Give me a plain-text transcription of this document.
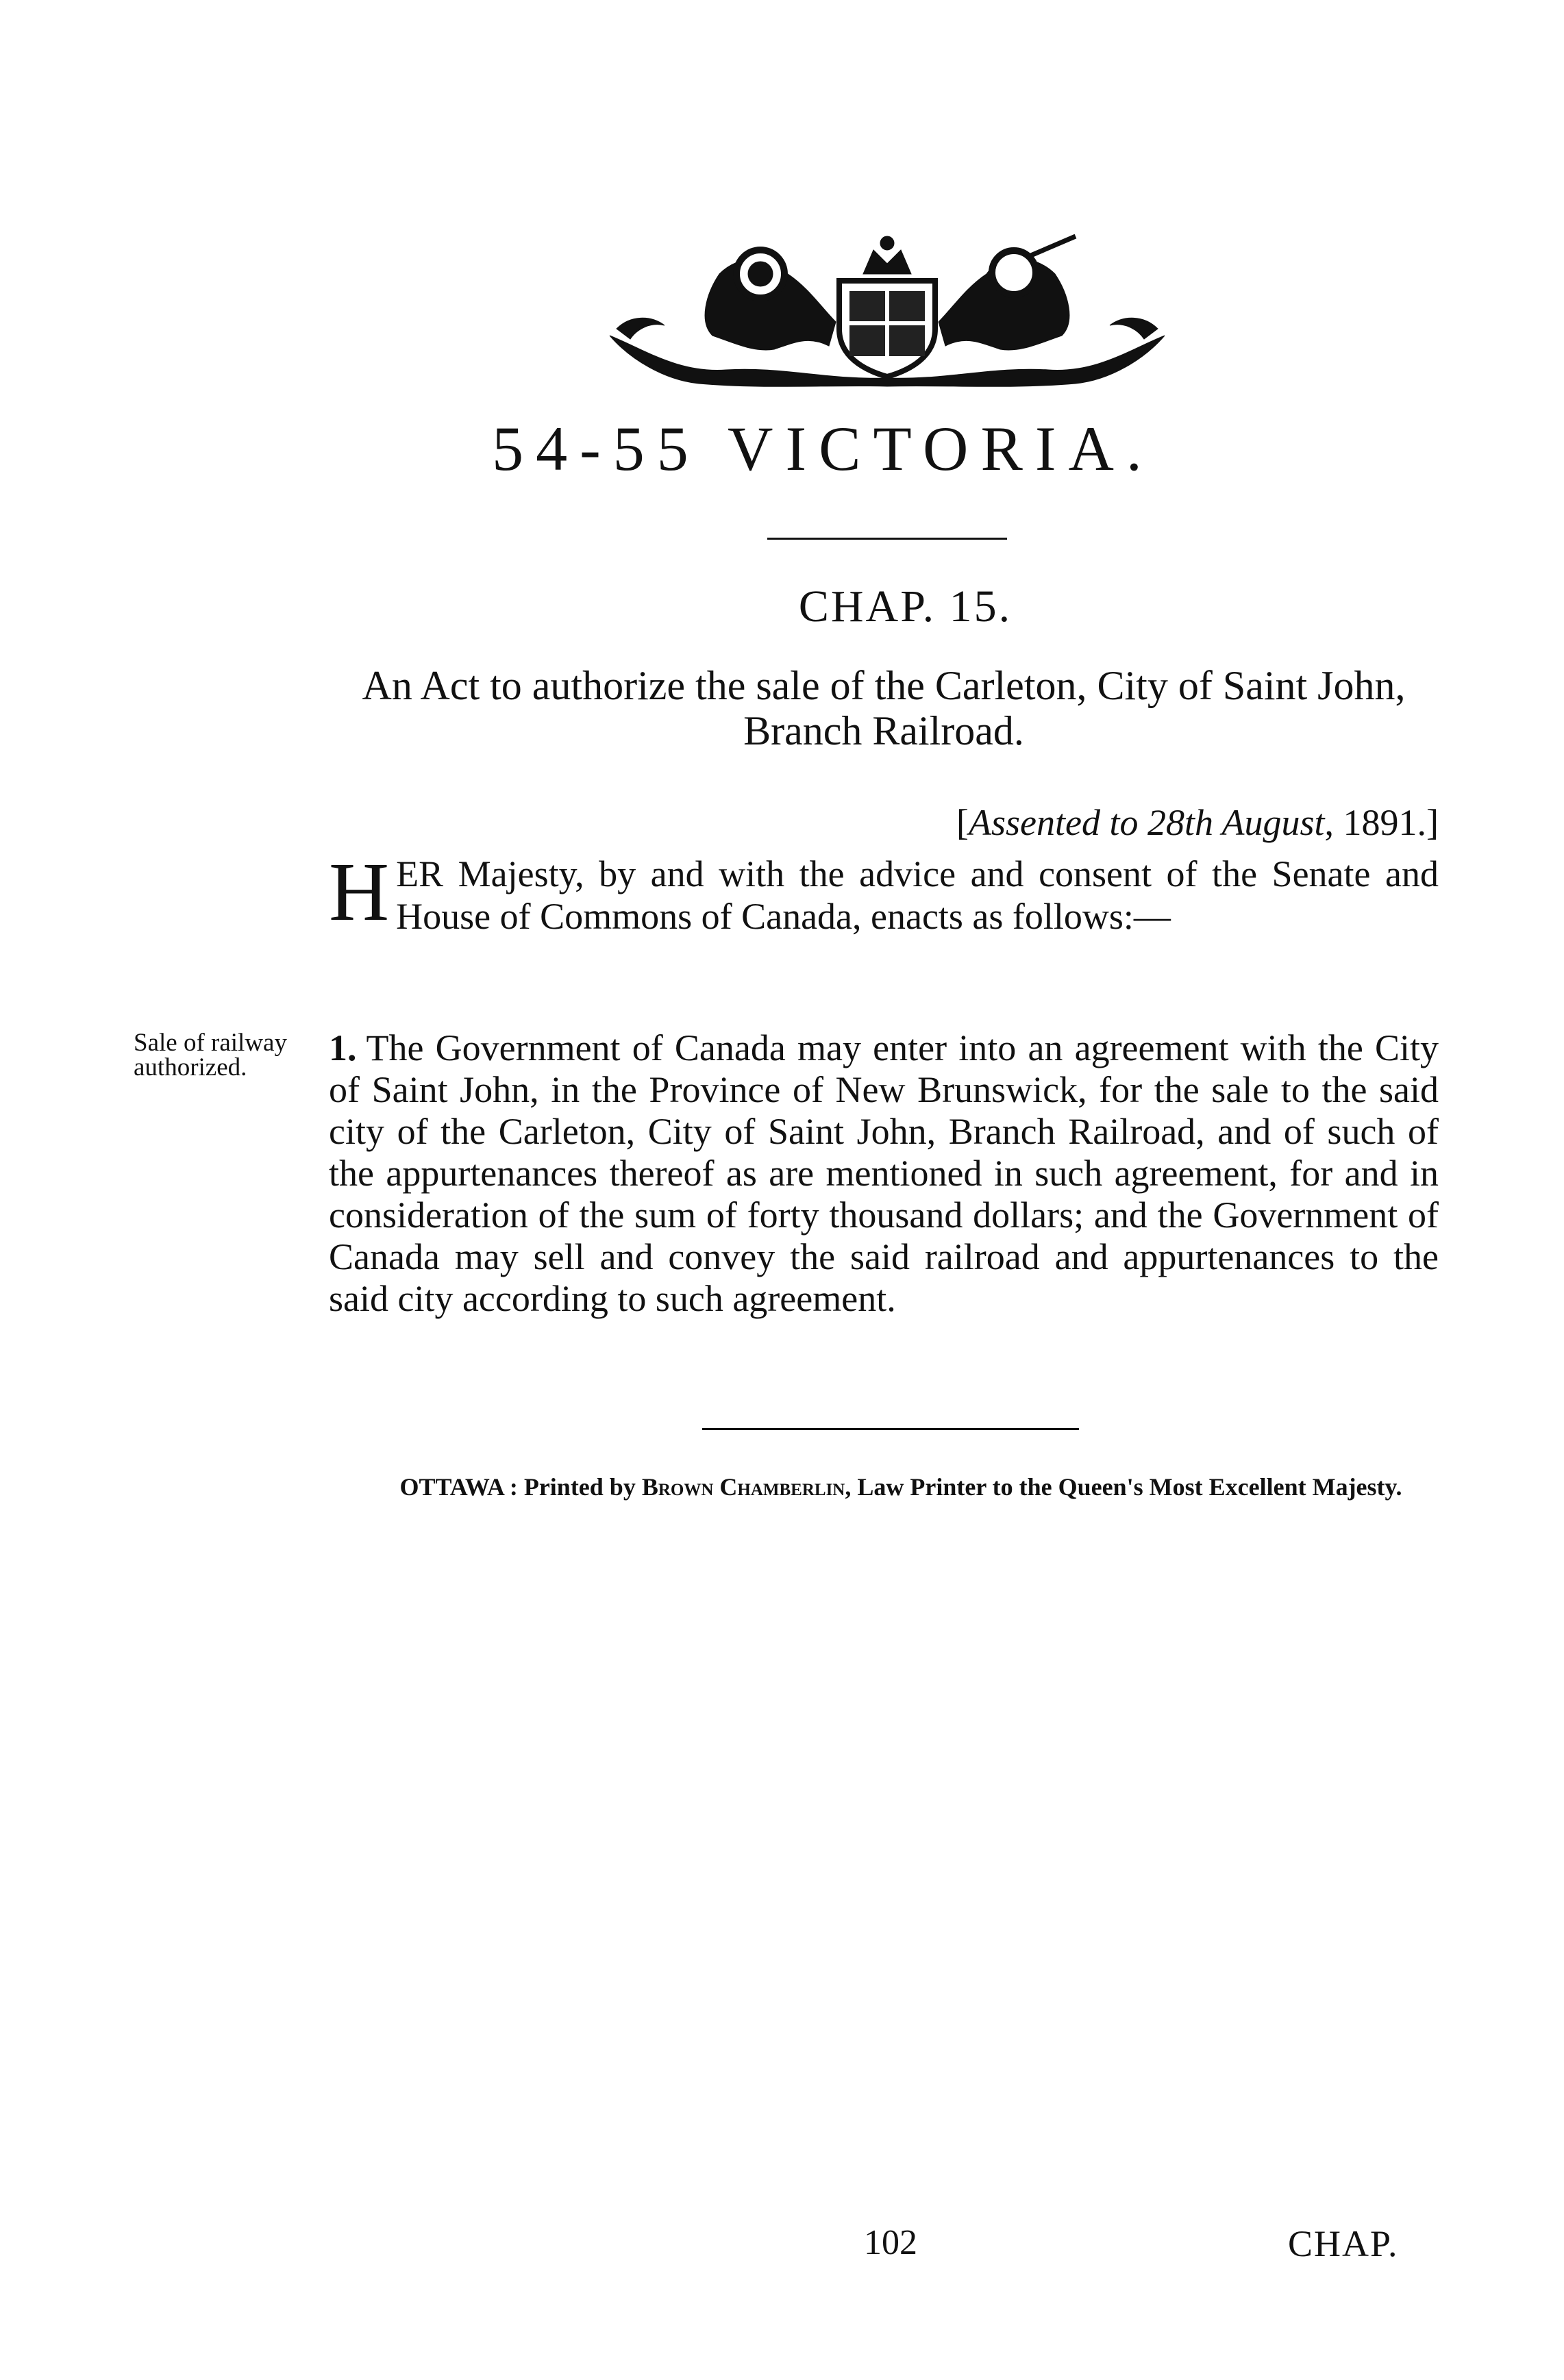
54-55 VICTORIA.
CHAP. 15.
An Act to authorize the sale of the Carleton, City of Saint John, Branch Railroad.
[Assented to 28th August, 1891.]
HER Majesty, by and with the advice and consent of the Senate and House of Commons of Canada, enacts as follows:—
Sale of railway authorized.	1. The Government of Canada may enter into an agreement with the City of Saint John, in the Province of New Brunswick, for the sale to the said city of the Carleton, City of Saint John, Branch Railroad, and of such of the appurtenances thereof as are mentioned in such agreement, for and in consideration of the sum of forty thousand dollars; and the Government of Canada may sell and convey the said railroad and appurtenances to the said city according to such agreement.
OTTAWA : Printed by Brown Chamberlin, Law Printer to the Queen's Most Excellent Majesty.
102	CHAP.
